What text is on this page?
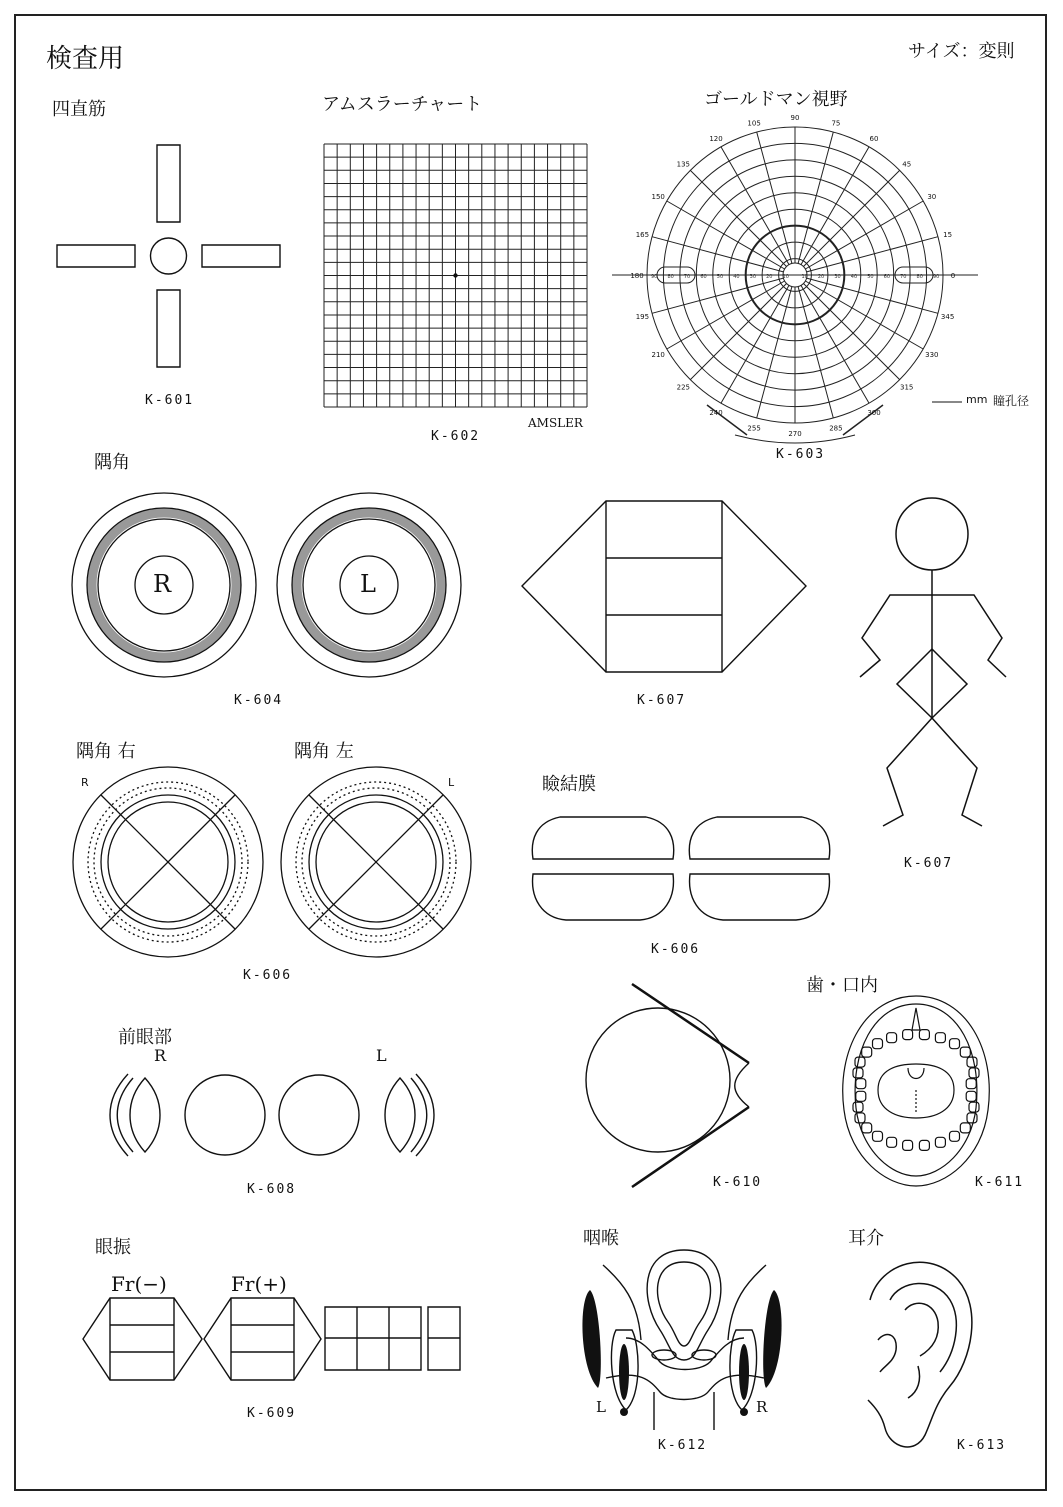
検査用	サイズ：変則
四直筋
K-601
アムスラーチャート
AMSLER
K-602
ゴールドマン視野
120
105
90
75
60
45
30
15
0
345
330
315
300
285
270
255
240
225
210
195
180
165
150
135
90	90
80	80
70	70
60	60
50	50
40	40
30	30
20	20
10	10
mm 瞳孔径
K-603
隅角
R	L
K-604	K-607
K-607
隅角 右	隅角 左
R	L
K-606
瞼結膜
K-606
前眼部
R	L
K-608	K-610
歯・口内
K-611
眼振
Fr(−)	Fr(+)
K-609
咽喉
L	R
K-612
耳介
K-613
